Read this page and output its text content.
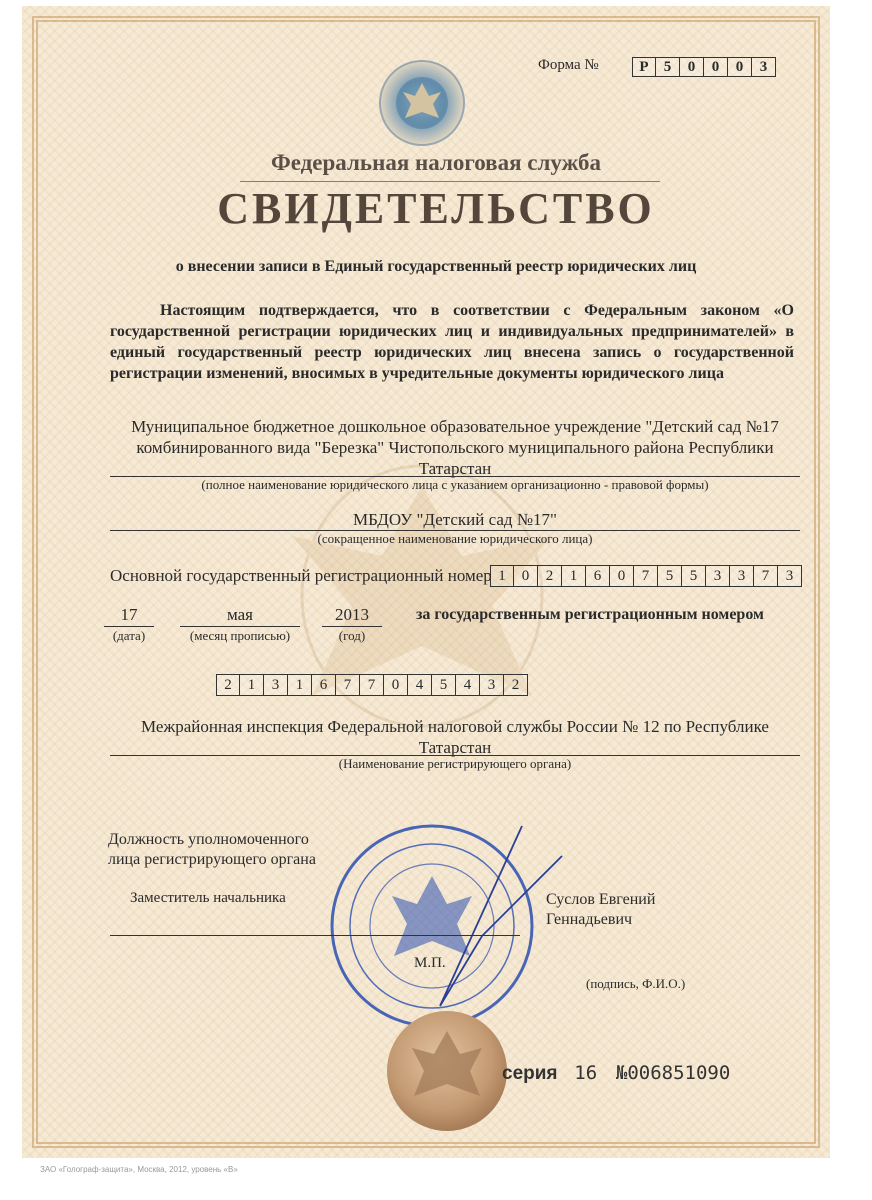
Форма №	Р	5	0	0	0	3
Федеральная налоговая служба
СВИДЕТЕЛЬСТВО
о внесении записи в Единый государственный реестр юридических лиц
Настоящим подтверждается, что в соответствии с Федеральным законом «О государственной регистрации юридических лиц и индивидуальных предпринимателей» в единый государственный реестр юридических лиц внесена запись о государственной регистрации изменений, вносимых в учредительные документы юридического лица
Муниципальное бюджетное дошкольное образовательное учреждение "Детский сад №17
комбинированного вида "Березка" Чистопольского муниципального района Республики
Татарстан
(полное наименование юридического лица с указанием организационно - правовой формы)
МБДОУ "Детский сад №17"
(сокращенное наименование юридического лица)
Основной государственный регистрационный номер 1	0	2	1	6	0	7	5	5	3	3	7	3
17
(дата)
мая
(месяц прописью)
2013
(год)
за государственным регистрационным номером
2	1	3	1	6	7	7	0	4	5	4	3	2
Межрайонная инспекция Федеральной налоговой службы России № 12 по Республике
Татарстан
(Наименование регистрирующего органа)
Должность уполномоченного
лица регистрирующего органа
Заместитель начальника	Суслов Евгений
Геннадьевич
М.П.
(подпись, Ф.И.О.)
серия 16 №006851090
ЗАО «Голограф-защита», Москва, 2012, уровень «В»
